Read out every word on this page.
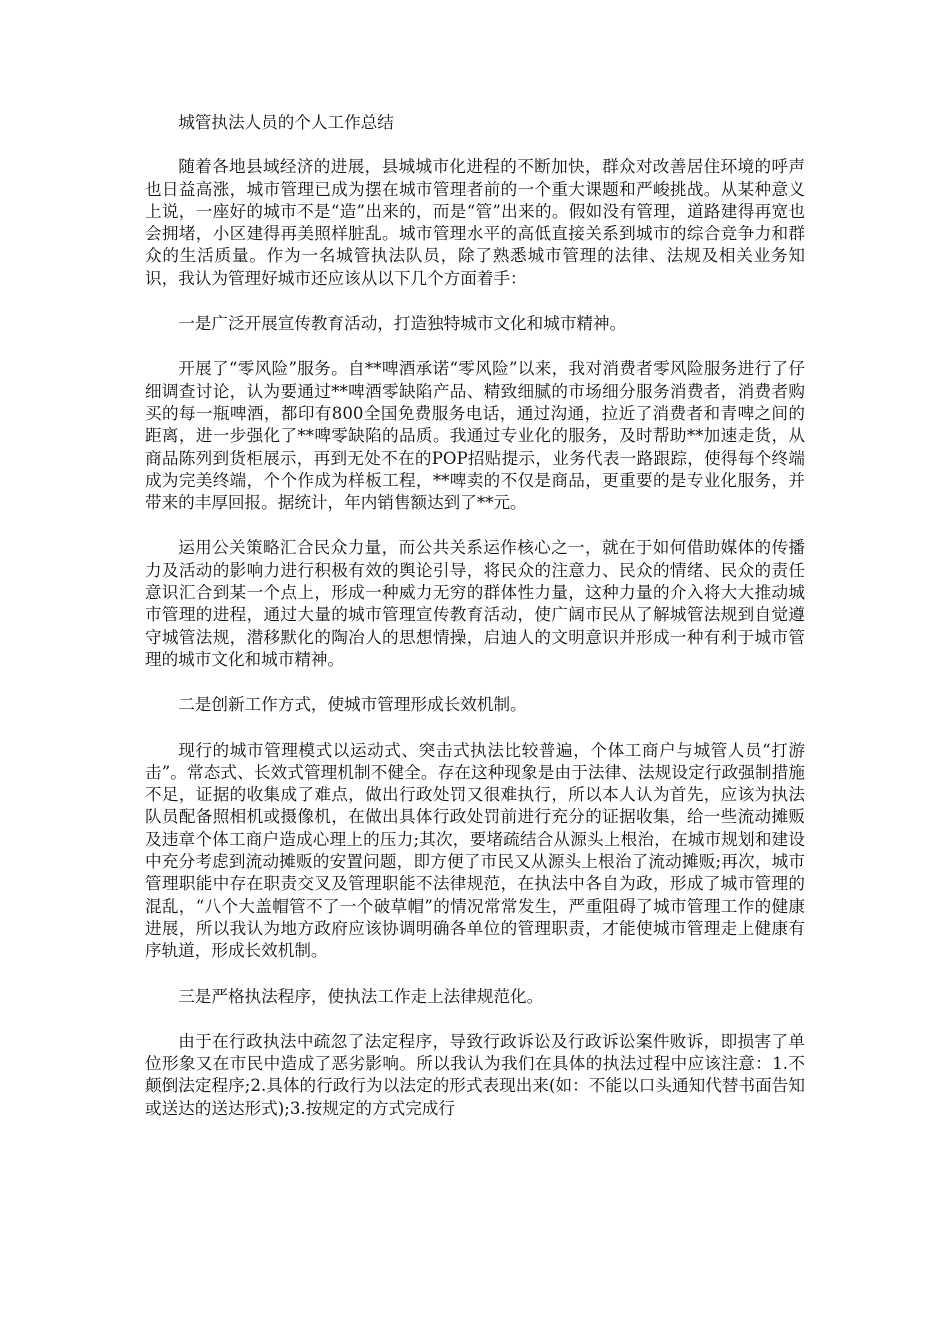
城管执法人员的个人工作总结

随着各地县域经济的进展，县城城市化进程的不断加快，群众对改善居住环境的呼声也日益高涨，城市管理已成为摆在城市管理者前的一个重大课题和严峻挑战。从某种意义上说，一座好的城市不是“造”出来的，而是“管”出来的。假如没有管理，道路建得再宽也会拥堵，小区建得再美照样脏乱。城市管理水平的高低直接关系到城市的综合竞争力和群众的生活质量。作为一名城管执法队员，除了熟悉城市管理的法律、法规及相关业务知识，我认为管理好城市还应该从以下几个方面着手：

一是广泛开展宣传教育活动，打造独特城市文化和城市精神。

开展了“零风险”服务。自**啤酒承诺“零风险”以来，我对消费者零风险服务进行了仔细调查讨论，认为要通过**啤酒零缺陷产品、精致细腻的市场细分服务消费者，消费者购买的每一瓶啤酒，都印有800全国免费服务电话，通过沟通，拉近了消费者和青啤之间的距离，进一步强化了**啤零缺陷的品质。我通过专业化的服务，及时帮助**加速走货，从商品陈列到货柜展示，再到无处不在的POP招贴提示，业务代表一路跟踪，使得每个终端成为完美终端，个个作成为样板工程，**啤卖的不仅是商品，更重要的是专业化服务，并带来的丰厚回报。据统计，年内销售额达到了**元。

运用公关策略汇合民众力量，而公共关系运作核心之一，就在于如何借助媒体的传播力及活动的影响力进行积极有效的舆论引导，将民众的注意力、民众的情绪、民众的责任意识汇合到某一个点上，形成一种威力无穷的群体性力量，这种力量的介入将大大推动城市管理的进程，通过大量的城市管理宣传教育活动，使广阔市民从了解城管法规到自觉遵守城管法规，潜移默化的陶冶人的思想情操，启迪人的文明意识并形成一种有利于城市管理的城市文化和城市精神。

二是创新工作方式，使城市管理形成长效机制。

现行的城市管理模式以运动式、突击式执法比较普遍，个体工商户与城管人员“打游击”。常态式、长效式管理机制不健全。存在这种现象是由于法律、法规设定行政强制措施不足，证据的收集成了难点，做出行政处罚又很难执行，所以本人认为首先，应该为执法队员配备照相机或摄像机，在做出具体行政处罚前进行充分的证据收集，给一些流动摊贩及违章个体工商户造成心理上的压力;其次，要堵疏结合从源头上根治，在城市规划和建设中充分考虑到流动摊贩的安置问题，即方便了市民又从源头上根治了流动摊贩;再次，城市管理职能中存在职责交叉及管理职能不法律规范，在执法中各自为政，形成了城市管理的混乱，“八个大盖帽管不了一个破草帽”的情况常常发生，严重阻碍了城市管理工作的健康进展，所以我认为地方政府应该协调明确各单位的管理职责，才能使城市管理走上健康有序轨道，形成长效机制。

三是严格执法程序，使执法工作走上法律规范化。

由于在行政执法中疏忽了法定程序，导致行政诉讼及行政诉讼案件败诉，即损害了单位形象又在市民中造成了恶劣影响。所以我认为我们在具体的执法过程中应该注意：1.不颠倒法定程序;2.具体的行政行为以法定的形式表现出来(如：不能以口头通知代替书面告知或送达的送达形式);3.按规定的方式完成行
